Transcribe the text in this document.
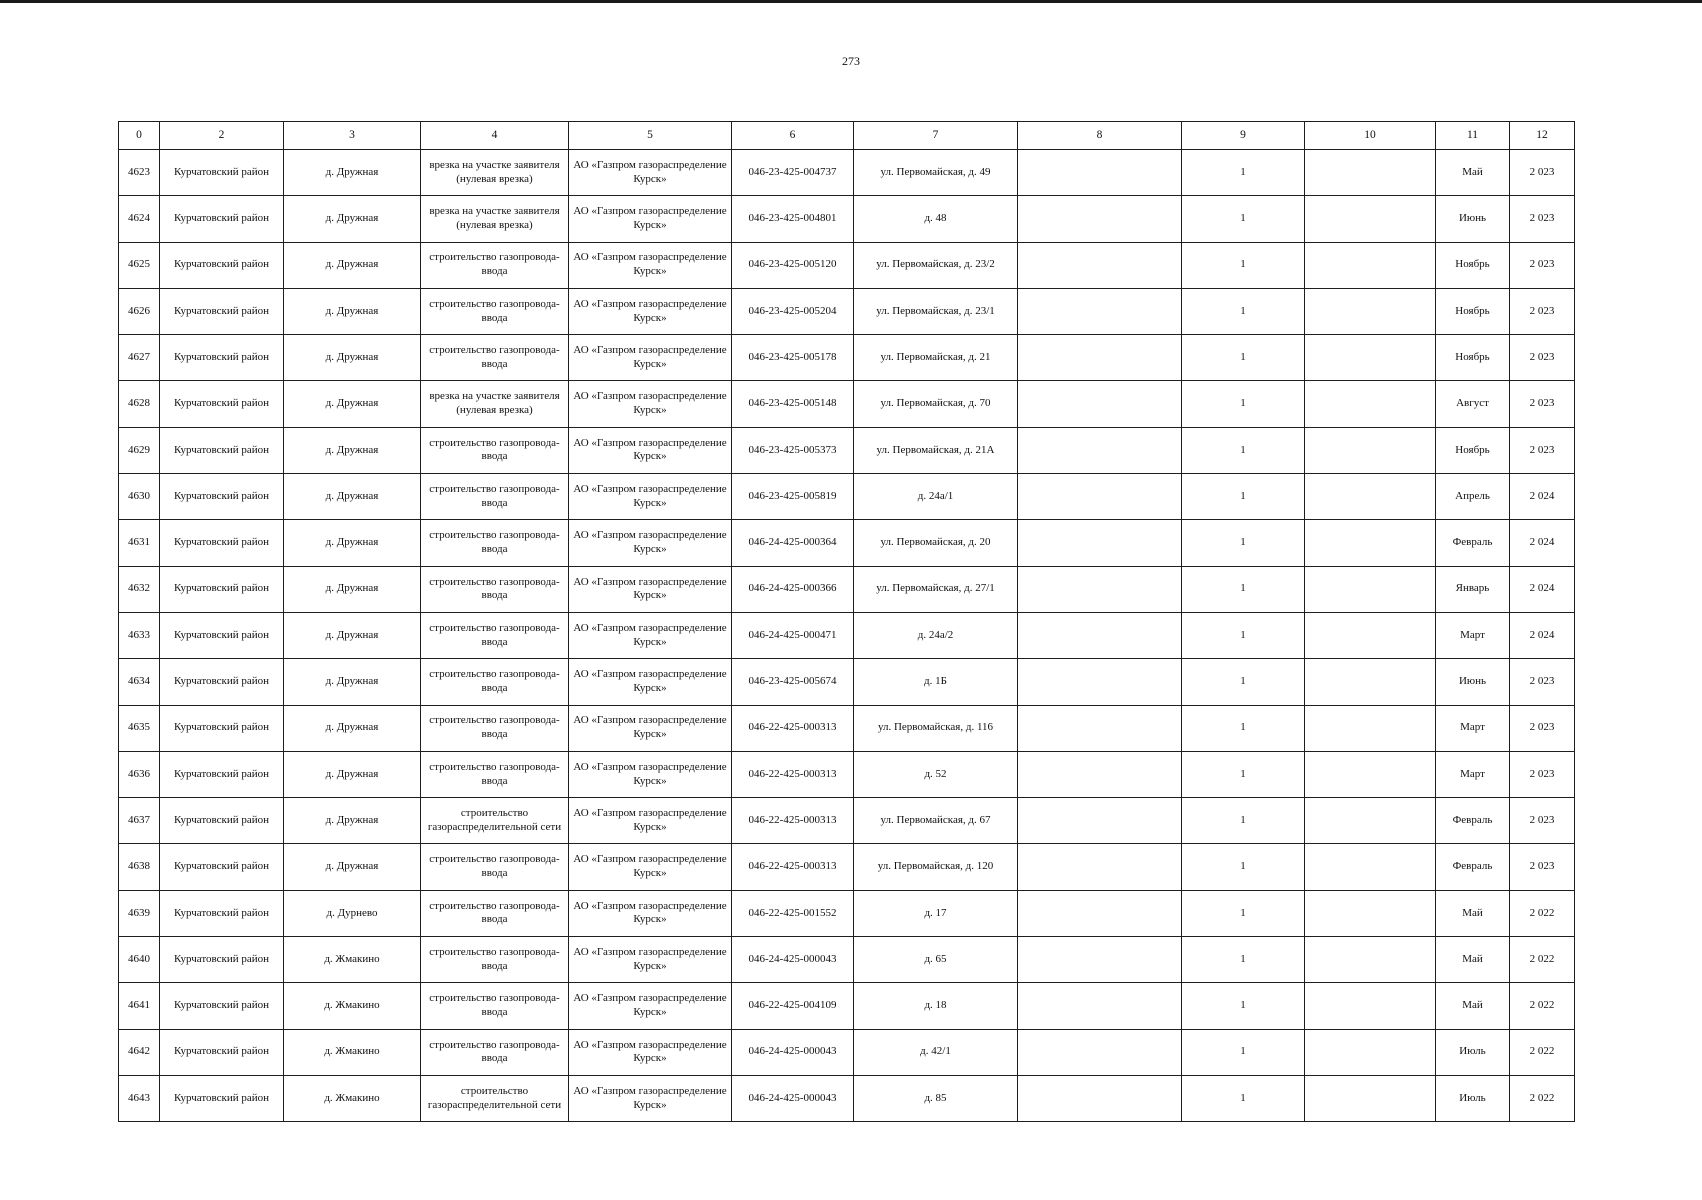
273
0	2	3	4	5	6	7	8	9	10	11	12
4623	Курчатовский район	д. Дружная	врезка на участке заявителя (нулевая врезка)	АО «Газпром газораспределение Курск»	046-23-425-004737	ул. Первомайская, д. 49		1		Май	2 023
4624	Курчатовский район	д. Дружная	врезка на участке заявителя (нулевая врезка)	АО «Газпром газораспределение Курск»	046-23-425-004801	д. 48		1		Июнь	2 023
4625	Курчатовский район	д. Дружная	строительство газопровода-ввода	АО «Газпром газораспределение Курск»	046-23-425-005120	ул. Первомайская, д. 23/2		1		Ноябрь	2 023
4626	Курчатовский район	д. Дружная	строительство газопровода-ввода	АО «Газпром газораспределение Курск»	046-23-425-005204	ул. Первомайская, д. 23/1		1		Ноябрь	2 023
4627	Курчатовский район	д. Дружная	строительство газопровода-ввода	АО «Газпром газораспределение Курск»	046-23-425-005178	ул. Первомайская, д. 21		1		Ноябрь	2 023
4628	Курчатовский район	д. Дружная	врезка на участке заявителя (нулевая врезка)	АО «Газпром газораспределение Курск»	046-23-425-005148	ул. Первомайская, д. 70		1		Август	2 023
4629	Курчатовский район	д. Дружная	строительство газопровода-ввода	АО «Газпром газораспределение Курск»	046-23-425-005373	ул. Первомайская, д. 21А		1		Ноябрь	2 023
4630	Курчатовский район	д. Дружная	строительство газопровода-ввода	АО «Газпром газораспределение Курск»	046-23-425-005819	д. 24а/1		1		Апрель	2 024
4631	Курчатовский район	д. Дружная	строительство газопровода-ввода	АО «Газпром газораспределение Курск»	046-24-425-000364	ул. Первомайская, д. 20		1		Февраль	2 024
4632	Курчатовский район	д. Дружная	строительство газопровода-ввода	АО «Газпром газораспределение Курск»	046-24-425-000366	ул. Первомайская, д. 27/1		1		Январь	2 024
4633	Курчатовский район	д. Дружная	строительство газопровода-ввода	АО «Газпром газораспределение Курск»	046-24-425-000471	д. 24а/2		1		Март	2 024
4634	Курчатовский район	д. Дружная	строительство газопровода-ввода	АО «Газпром газораспределение Курск»	046-23-425-005674	д. 1Б		1		Июнь	2 023
4635	Курчатовский район	д. Дружная	строительство газопровода-ввода	АО «Газпром газораспределение Курск»	046-22-425-000313	ул. Первомайская, д. 116		1		Март	2 023
4636	Курчатовский район	д. Дружная	строительство газопровода-ввода	АО «Газпром газораспределение Курск»	046-22-425-000313	д. 52		1		Март	2 023
4637	Курчатовский район	д. Дружная	строительство газораспределительной сети	АО «Газпром газораспределение Курск»	046-22-425-000313	ул. Первомайская, д. 67		1		Февраль	2 023
4638	Курчатовский район	д. Дружная	строительство газопровода-ввода	АО «Газпром газораспределение Курск»	046-22-425-000313	ул. Первомайская, д. 120		1		Февраль	2 023
4639	Курчатовский район	д. Дурнево	строительство газопровода-ввода	АО «Газпром газораспределение Курск»	046-22-425-001552	д. 17		1		Май	2 022
4640	Курчатовский район	д. Жмакино	строительство газопровода-ввода	АО «Газпром газораспределение Курск»	046-24-425-000043	д. 65		1		Май	2 022
4641	Курчатовский район	д. Жмакино	строительство газопровода-ввода	АО «Газпром газораспределение Курск»	046-22-425-004109	д. 18		1		Май	2 022
4642	Курчатовский район	д. Жмакино	строительство газопровода-ввода	АО «Газпром газораспределение Курск»	046-24-425-000043	д. 42/1		1		Июль	2 022
4643	Курчатовский район	д. Жмакино	строительство газораспределительной сети	АО «Газпром газораспределение Курск»	046-24-425-000043	д. 85		1		Июль	2 022
